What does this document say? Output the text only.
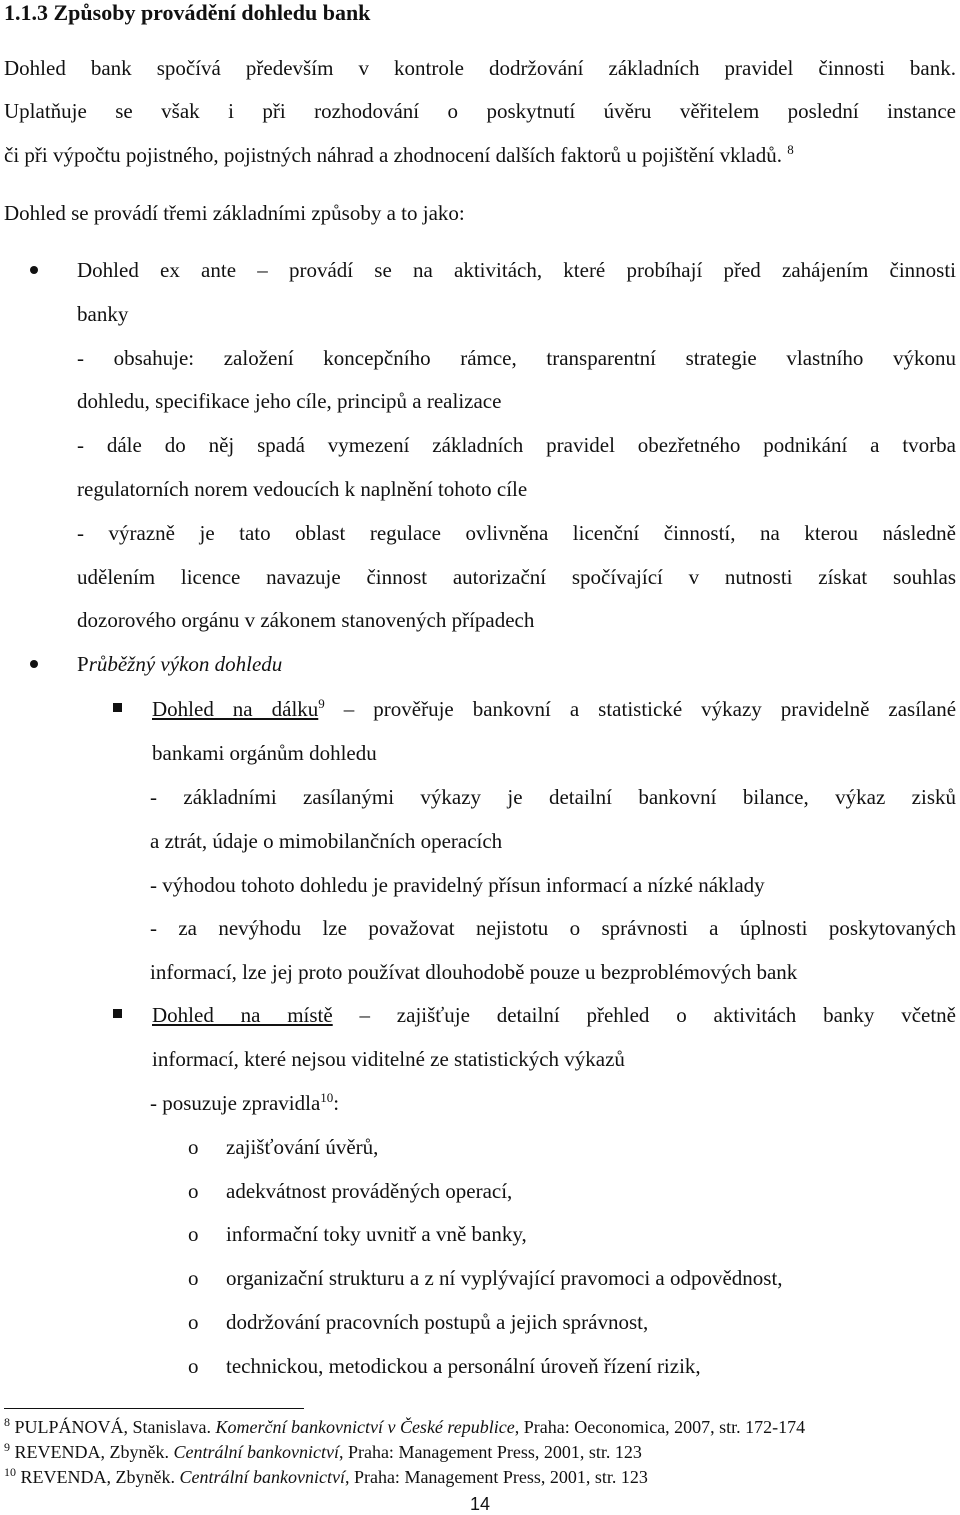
1.1.3 Způsoby provádění dohledu bank
Dohled bank spočívá především v kontrole dodržování základních pravidel činnosti bank.
Uplatňuje se však i při rozhodování o poskytnutí úvěru věřitelem poslední instance
či při výpočtu pojistného, pojistných náhrad a zhodnocení dalších faktorů u pojištění vkladů. $^8$
Dohled se provádí třemi základními způsoby a to jako:
Dohled ex ante – provádí se na aktivitách, které probíhají před zahájením činnosti
banky
- obsahuje: založení koncepčního rámce, transparentní strategie vlastního výkonu
dohledu, specifikace jeho cíle, principů a realizace
- dále do něj spadá vymezení základních pravidel obezřetného podnikání a tvorba
regulatorních norem vedoucích k naplnění tohoto cíle
- výrazně je tato oblast regulace ovlivněna licenční činností, na kterou následně
udělením licence navazuje činnost autorizační spočívající v nutnosti získat souhlas
dozorového orgánu v zákonem stanovených případech
Průběžný výkon dohledu
Dohled na dálku$^9$ – prověřuje bankovní a statistické výkazy pravidelně zasílané
bankami orgánům dohledu
- základními zasílanými výkazy je detailní bankovní bilance, výkaz zisků
a ztrát, údaje o mimobilančních operacích
- výhodou tohoto dohledu je pravidelný přísun informací a nízké náklady
- za nevýhodu lze považovat nejistotu o správnosti a úplnosti poskytovaných
informací, lze jej proto používat dlouhodobě pouze u bezproblémových bank
Dohled na místě – zajišťuje detailní přehled o aktivitách banky včetně
informací, které nejsou viditelné ze statistických výkazů
- posuzuje zpravidla$^{10}$:
o zajišťování úvěrů,
o adekvátnost prováděných operací,
o informační toky uvnitř a vně banky,
o organizační strukturu a z ní vyplývající pravomoci a odpovědnost,
o dodržování pracovních postupů a jejich správnost,
o technickou, metodickou a personální úroveň řízení rizik,
$^8$ PULPÁNOVÁ, Stanislava. Komerční bankovnictví v České republice, Praha: Oeconomica, 2007, str. 172-174
$^9$ REVENDA, Zbyněk. Centrální bankovnictví, Praha: Management Press, 2001, str. 123
$^{10}$ REVENDA, Zbyněk. Centrální bankovnictví, Praha: Management Press, 2001, str. 123
14
